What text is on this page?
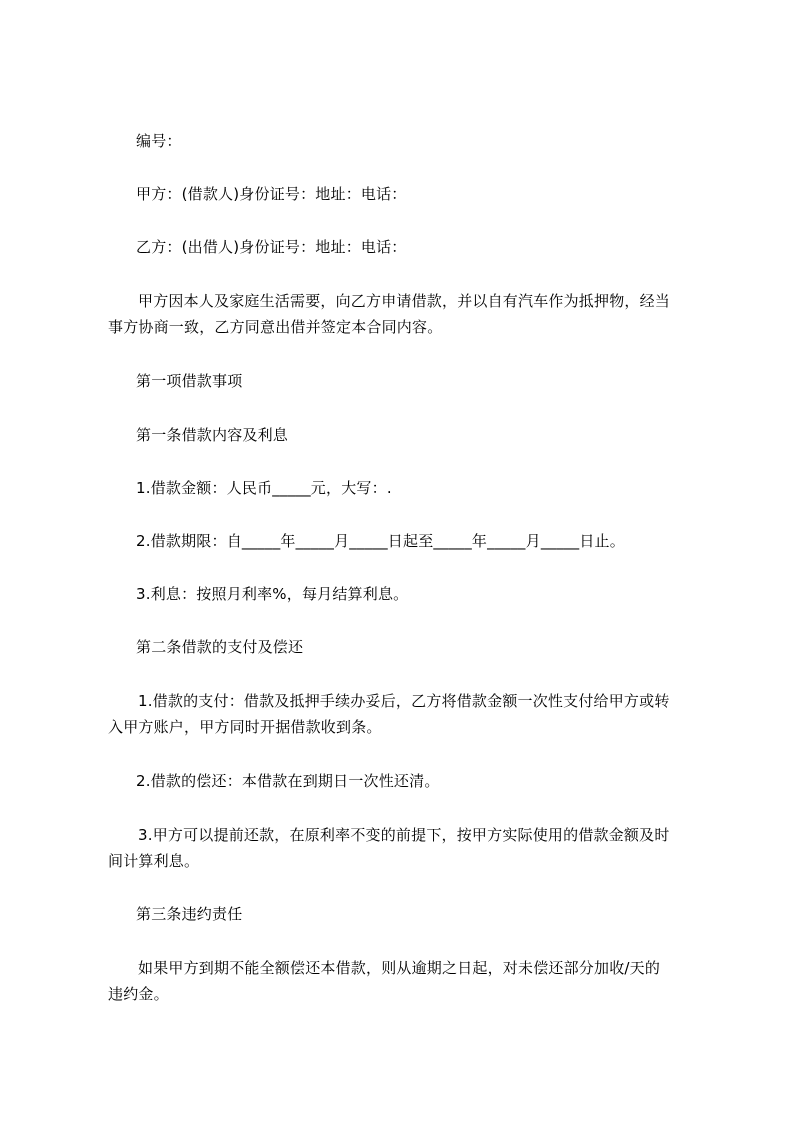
编号：
甲方：(借款人)身份证号：地址：电话：
乙方：(出借人)身份证号：地址：电话：
甲方因本人及家庭生活需要，向乙方申请借款，并以自有汽车作为抵押物，经当
事方协商一致，乙方同意出借并签定本合同内容。
第一项借款事项
第一条借款内容及利息
1.借款金额：人民币_____元，大写：.
2.借款期限：自_____年_____月_____日起至_____年_____月_____日止。
3.利息：按照月利率%，每月结算利息。
第二条借款的支付及偿还
1.借款的支付：借款及抵押手续办妥后，乙方将借款金额一次性支付给甲方或转
入甲方账户，甲方同时开据借款收到条。
2.借款的偿还：本借款在到期日一次性还清。
3.甲方可以提前还款，在原利率不变的前提下，按甲方实际使用的借款金额及时
间计算利息。
第三条违约责任
如果甲方到期不能全额偿还本借款，则从逾期之日起，对未偿还部分加收/天的
违约金。
